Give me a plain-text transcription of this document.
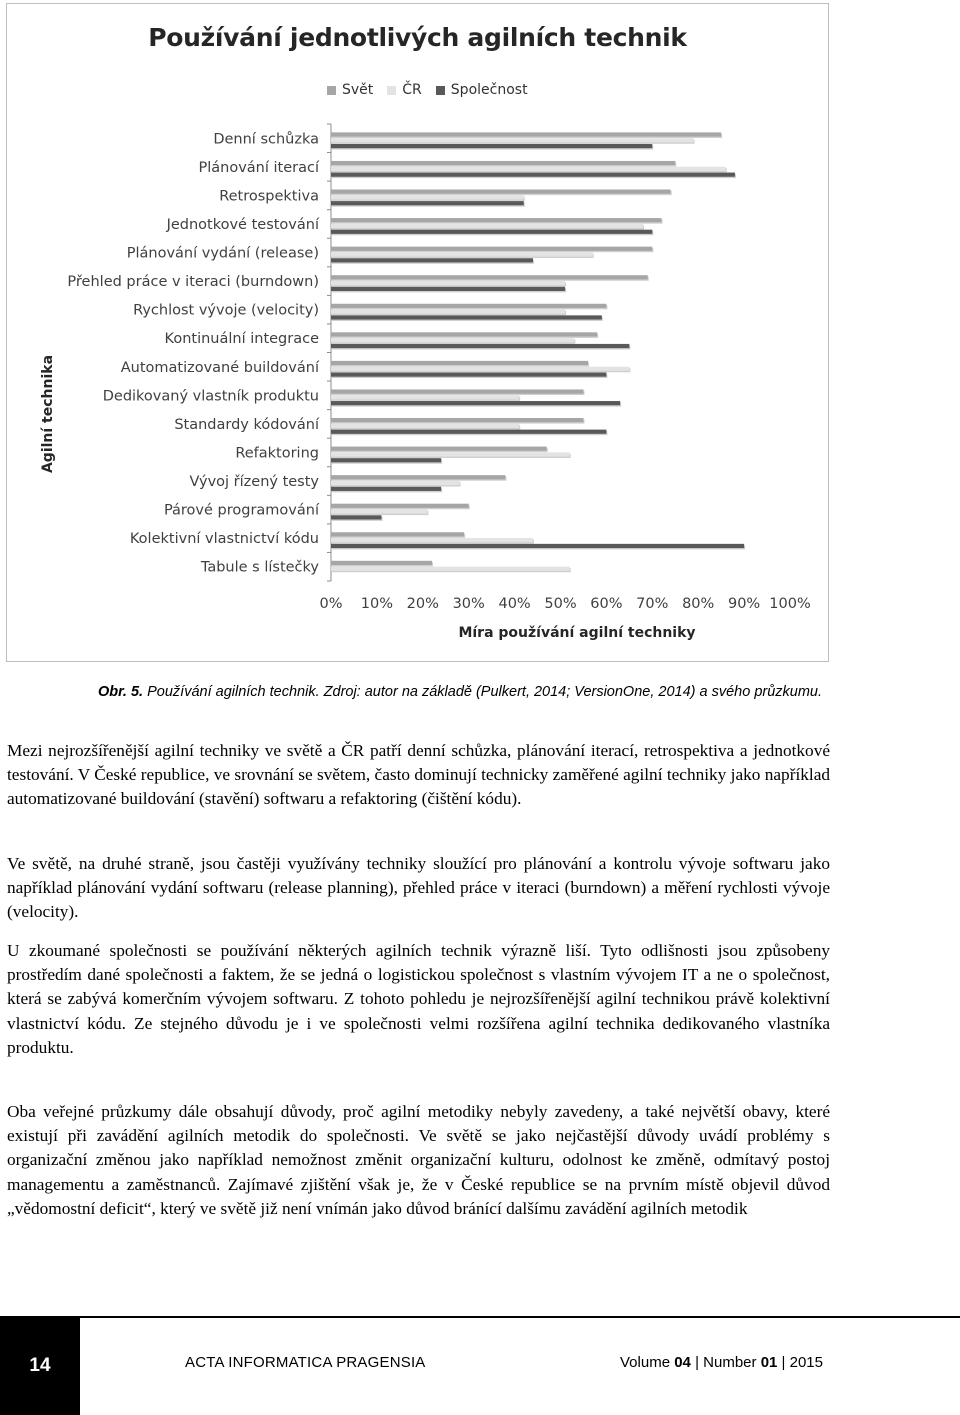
Používání jednotlivých agilních technik
Svět ČR Společnost
Agilní technika
Denní schůzka
Plánování iterací
Retrospektiva
Jednotkové testování
Plánování vydání (release)
Přehled práce v iteraci (burndown)
Rychlost vývoje (velocity)
Kontinuální integrace
Automatizované buildování
Dedikovaný vlastník produktu
Standardy kódování
Refaktoring
Vývoj řízený testy
Párové programování
Kolektivní vlastnictví kódu
Tabule s lístečky
0% 10% 20% 30% 40% 50% 60% 70% 80% 90% 100%
Míra používání agilní techniky
Obr. 5. Používání agilních technik. Zdroj: autor na základě (Pulkert, 2014; VersionOne, 2014) a svého průzkumu.

Mezi nejrozšířenější agilní techniky ve světě a ČR patří denní schůzka, plánování iterací, retrospektiva a jednotkové testování. V České republice, ve srovnání se světem, často dominují technicky zaměřené agilní techniky jako například automatizované buildování (stavění) softwaru a refaktoring (čištění kódu).

Ve světě, na druhé straně, jsou častěji využívány techniky sloužící pro plánování a kontrolu vývoje softwaru jako například plánování vydání softwaru (release planning), přehled práce v iteraci (burndown) a měření rychlosti vývoje (velocity).

U zkoumané společnosti se používání některých agilních technik výrazně liší. Tyto odlišnosti jsou způsobeny prostředím dané společnosti a faktem, že se jedná o logistickou společnost s vlastním vývojem IT a ne o společnost, která se zabývá komerčním vývojem softwaru. Z tohoto pohledu je nejrozšířenější agilní technikou právě kolektivní vlastnictví kódu. Ze stejného důvodu je i ve společnosti velmi rozšířena agilní technika dedikovaného vlastníka produktu.

Oba veřejné průzkumy dále obsahují důvody, proč agilní metodiky nebyly zavedeny, a také největší obavy, které existují při zavádění agilních metodik do společnosti. Ve světě se jako nejčastější důvody uvádí problémy s organizační změnou jako například nemožnost změnit organizační kulturu, odolnost ke změně, odmítavý postoj managementu a zaměstnanců. Zajímavé zjištění však je, že v České republice se na prvním místě objevil důvod „vědomostní deficit“, který ve světě již není vnímán jako důvod bránící dalšímu zavádění agilních metodik

14	ACTA INFORMATICA PRAGENSIA	Volume 04 | Number 01 | 2015
